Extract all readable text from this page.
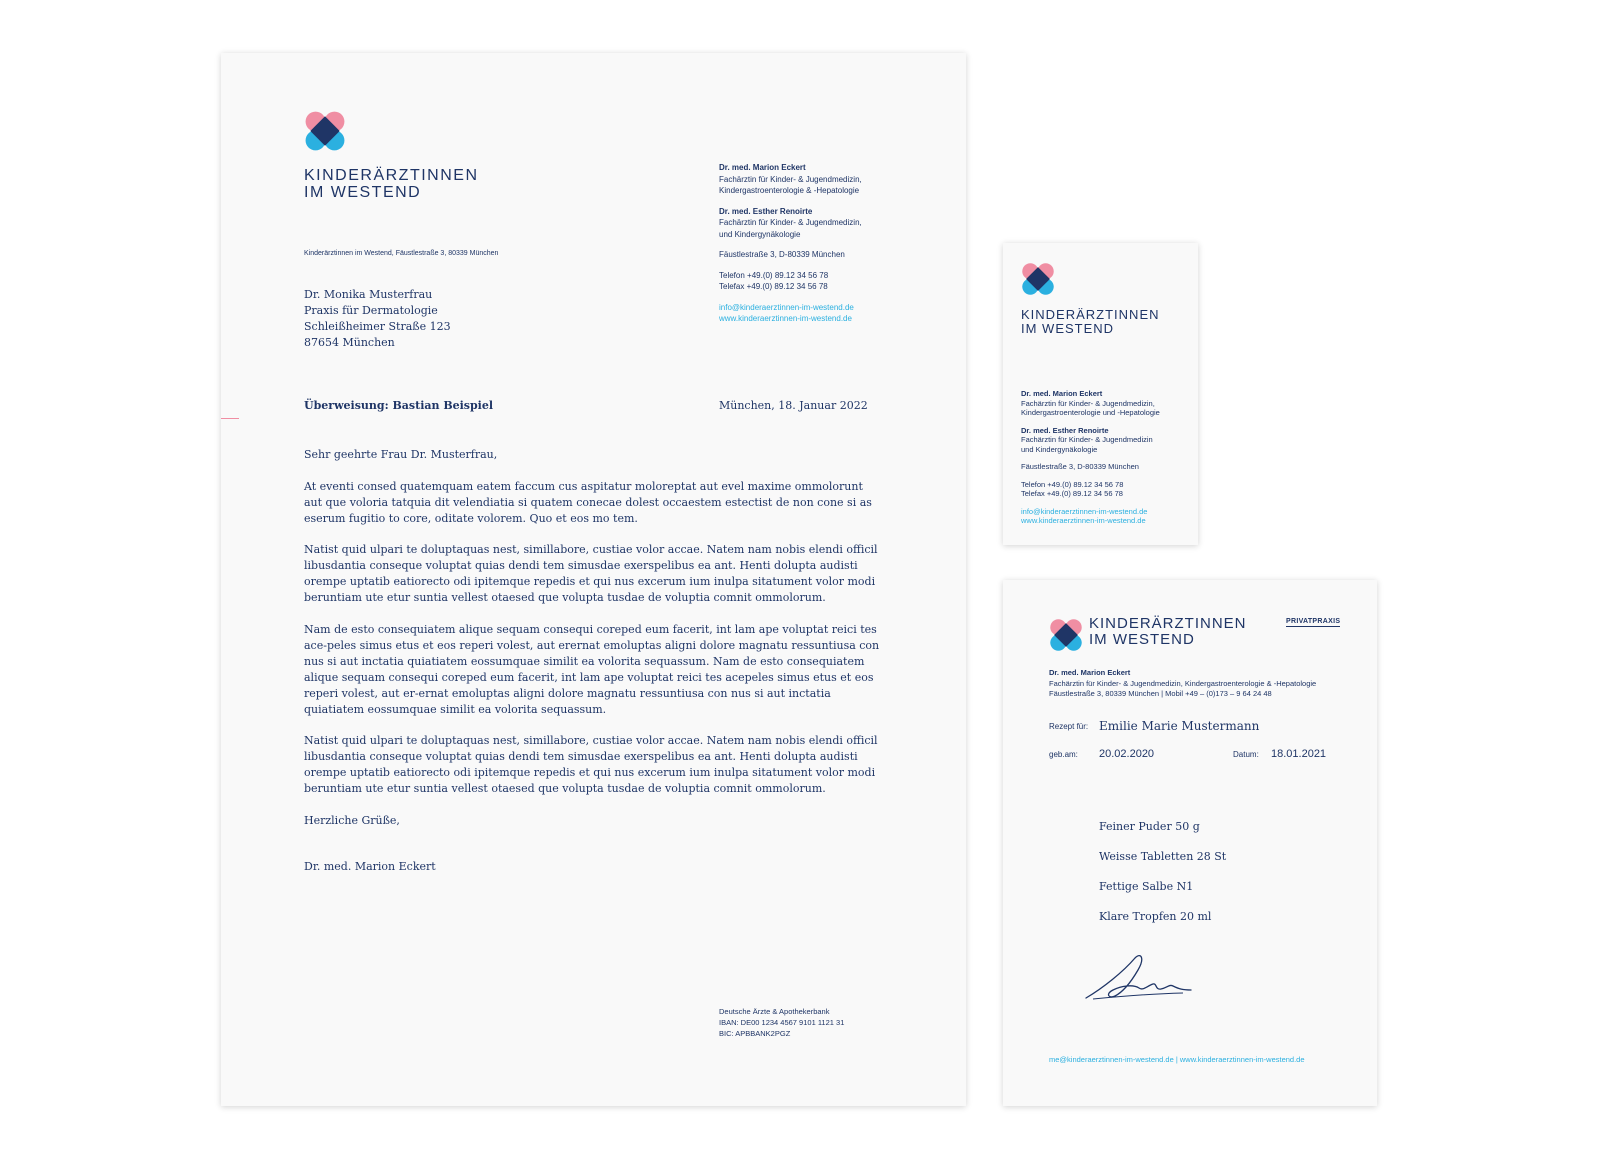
KINDERÄRZTINNEN
IM WESTEND
Kinderärztinnen im Westend, Fäustlestraße 3, 80339 München
Dr. med. Marion Eckert
Fachärztin für Kinder- & Jugendmedizin,
Kindergastroenterologie & -Hepatologie
Dr. med. Esther Renoirte
Fachärztin für Kinder- & Jugendmedizin,
und Kindergynäkologie
Fäustlestraße 3, D-80339 München
Telefon +49.(0) 89.12 34 56 78
Telefax +49.(0) 89.12 34 56 78
info@kinderaerztinnen-im-westend.de
www.kinderaerztinnen-im-westend.de
Dr. Monika Musterfrau
Praxis für Dermatologie
Schleißheimer Straße 123
87654 München
Überweisung: Bastian Beispiel	München, 18. Januar 2022

Sehr geehrte Frau Dr. Musterfrau,

At eventi consed quatemquam eatem faccum cus aspitatur moloreptat aut evel maxime ommolorunt aut que voloria tatquia dit velendiatia si quatem conecae dolest occaestem estectist de non cone si as eserum fugitio to core, oditate volorem. Quo et eos mo tem.

Natist quid ulpari te doluptaquas nest, simillabore, custiae volor accae. Natem nam nobis elendi officil libusdantia conseque voluptat quias dendi tem simusdae exerspelibus ea ant. Henti dolupta audisti orempe uptatib eatiorecto odi ipitemque repedis et qui nus excerum ium inulpa sitatument volor modi beruntiam ute etur suntia vellest otaesed que volupta tusdae de voluptia comnit ommolorum.

Nam de esto consequiatem alique sequam consequi coreped eum facerit, int lam ape voluptat reici tes ace-peles simus etus et eos reperi volest, aut erernat emoluptas aligni dolore magnatu ressuntiusa con nus si aut inctatia quiatiatem eossumquae similit ea volorita sequassum. Nam de esto consequiatem alique sequam consequi coreped eum facerit, int lam ape voluptat reici tes acepeles simus etus et eos reperi volest, aut er-ernat emoluptas aligni dolore magnatu ressuntiusa con nus si aut inctatia quiatiatem eossumquae similit ea volorita sequassum.

Natist quid ulpari te doluptaquas nest, simillabore, custiae volor accae. Natem nam nobis elendi officil libusdantia conseque voluptat quias dendi tem simusdae exerspelibus ea ant. Henti dolupta audisti orempe uptatib eatiorecto odi ipitemque repedis et qui nus excerum ium inulpa sitatument volor modi beruntiam ute etur suntia vellest otaesed que volupta tusdae de voluptia comnit ommolorum.

Herzliche Grüße,

Dr. med. Marion Eckert

Deutsche Ärzte & Apothekerbank
IBAN: DE00 1234 4567 9101 1121 31
BIC: APBBANK2PGZ
KINDERÄRZTINNEN
IM WESTEND
Dr. med. Marion Eckert
Fachärztin für Kinder- & Jugendmedizin,
Kindergastroenterologie und -Hepatologie
Dr. med. Esther Renoirte
Fachärztin für Kinder- & Jugendmedizin
und Kindergynäkologie
Fäustlestraße 3, D-80339 München
Telefon +49.(0) 89.12 34 56 78
Telefax +49.(0) 89.12 34 56 78
info@kinderaerztinnen-im-westend.de
www.kinderaerztinnen-im-westend.de
KINDERÄRZTINNEN
IM WESTEND
PRIVATPRAXIS
Dr. med. Marion Eckert
Fachärztin für Kinder- & Jugendmedizin, Kindergastroenterologie & -Hepatologie
Fäustlestraße 3, 80339 München | Mobil +49 – (0)173 – 9 64 24 48
Rezept für: Emilie Marie Mustermann
geb.am: 20.02.2020	Datum: 18.01.2021
Feiner Puder 50 g
Weisse Tabletten 28 St
Fettige Salbe N1
Klare Tropfen 20 ml
me@kinderaerztinnen-im-westend.de | www.kinderaerztinnen-im-westend.de
